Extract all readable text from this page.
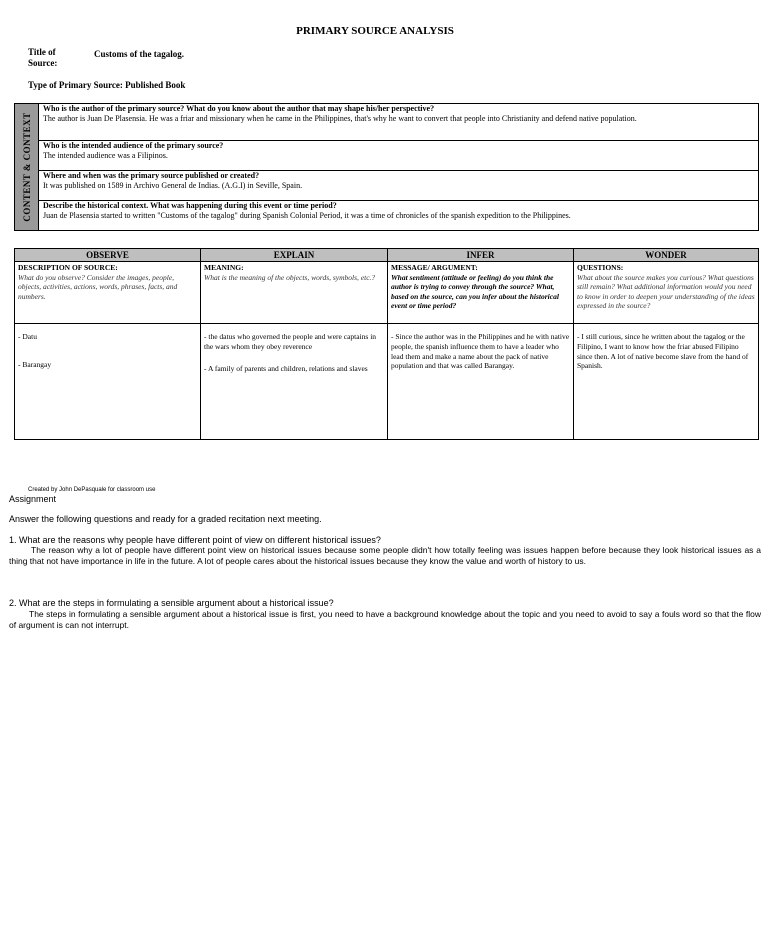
PRIMARY SOURCE ANALYSIS
Title of Source:
Customs of the tagalog.
Type of Primary Source: Published Book
CONTENT & CONTEXT
Who is the author of the primary source? What do you know about the author that may shape his/her perspective?
The author is Juan De Plasensia. He was a friar and missionary when he came in the Philippines, that's why he want to convert that people into Christianity and defend native population.
Who is the intended audience of the primary source?
The intended audience was a Filipinos.
Where and when was the primary source published or created?
It was published on 1589 in Archivo General de Indias. (A.G.I) in Seville, Spain.
Describe the historical context. What was happening during this event or time period?
Juan de Plasensia started to written "Customs of the tagalog" during Spanish Colonial Period, it was a time of chronicles of the spanish expedition to the Philippines.
OBSERVE
DESCRIPTION OF SOURCE:
What do you observe? Consider the images, people, objects, activities, actions, words, phrases, facts, and numbers.

- Datu

- Barangay

EXPLAIN
MEANING:
What is the meaning of the objects, words, symbols, etc.?

- the datus who governed the people and were captains in the wars whom they obey reverence

- A family of parents and children, relations and slaves

INFER
MESSAGE/ ARGUMENT:
What sentiment (attitude or feeling) do you think the author is trying to convey through the source? What, based on the source, can you infer about the historical event or time period?

- Since the author was in the Philippines and he with native people, the spanish influence them to have a leader who lead them and make a name about the pack of native population and that was called Barangay.

WONDER
QUESTIONS:
What about the source makes you curious? What questions still remain? What additional information would you need to know in order to deepen your understanding of the ideas expressed in the source?

- I still curious, since he written about the tagalog or the Filipino, I want to know how the friar abused Filipino since then. A lot of native become slave from the hand of Spanish.

Created by John DePasquale for classroom use
Assignment
Answer the following questions and ready for a graded recitation next meeting.
1. What are the reasons why people have different point of view on different historical issues?
The reason why a lot of people have different point view on historical issues because some people didn't how totally feeling was issues happen before because they look historical issues as a thing that not have importance in life in the future. A lot of people cares about the historical issues because they know the value and worth of history to us.
2. What are the steps in formulating a sensible argument about a historical issue?
The steps in formulating a sensible argument about a historical issue is first, you need to have a background knowledge about the topic and you need to avoid to say a fouls word so that the flow of argument is can not interrupt.
